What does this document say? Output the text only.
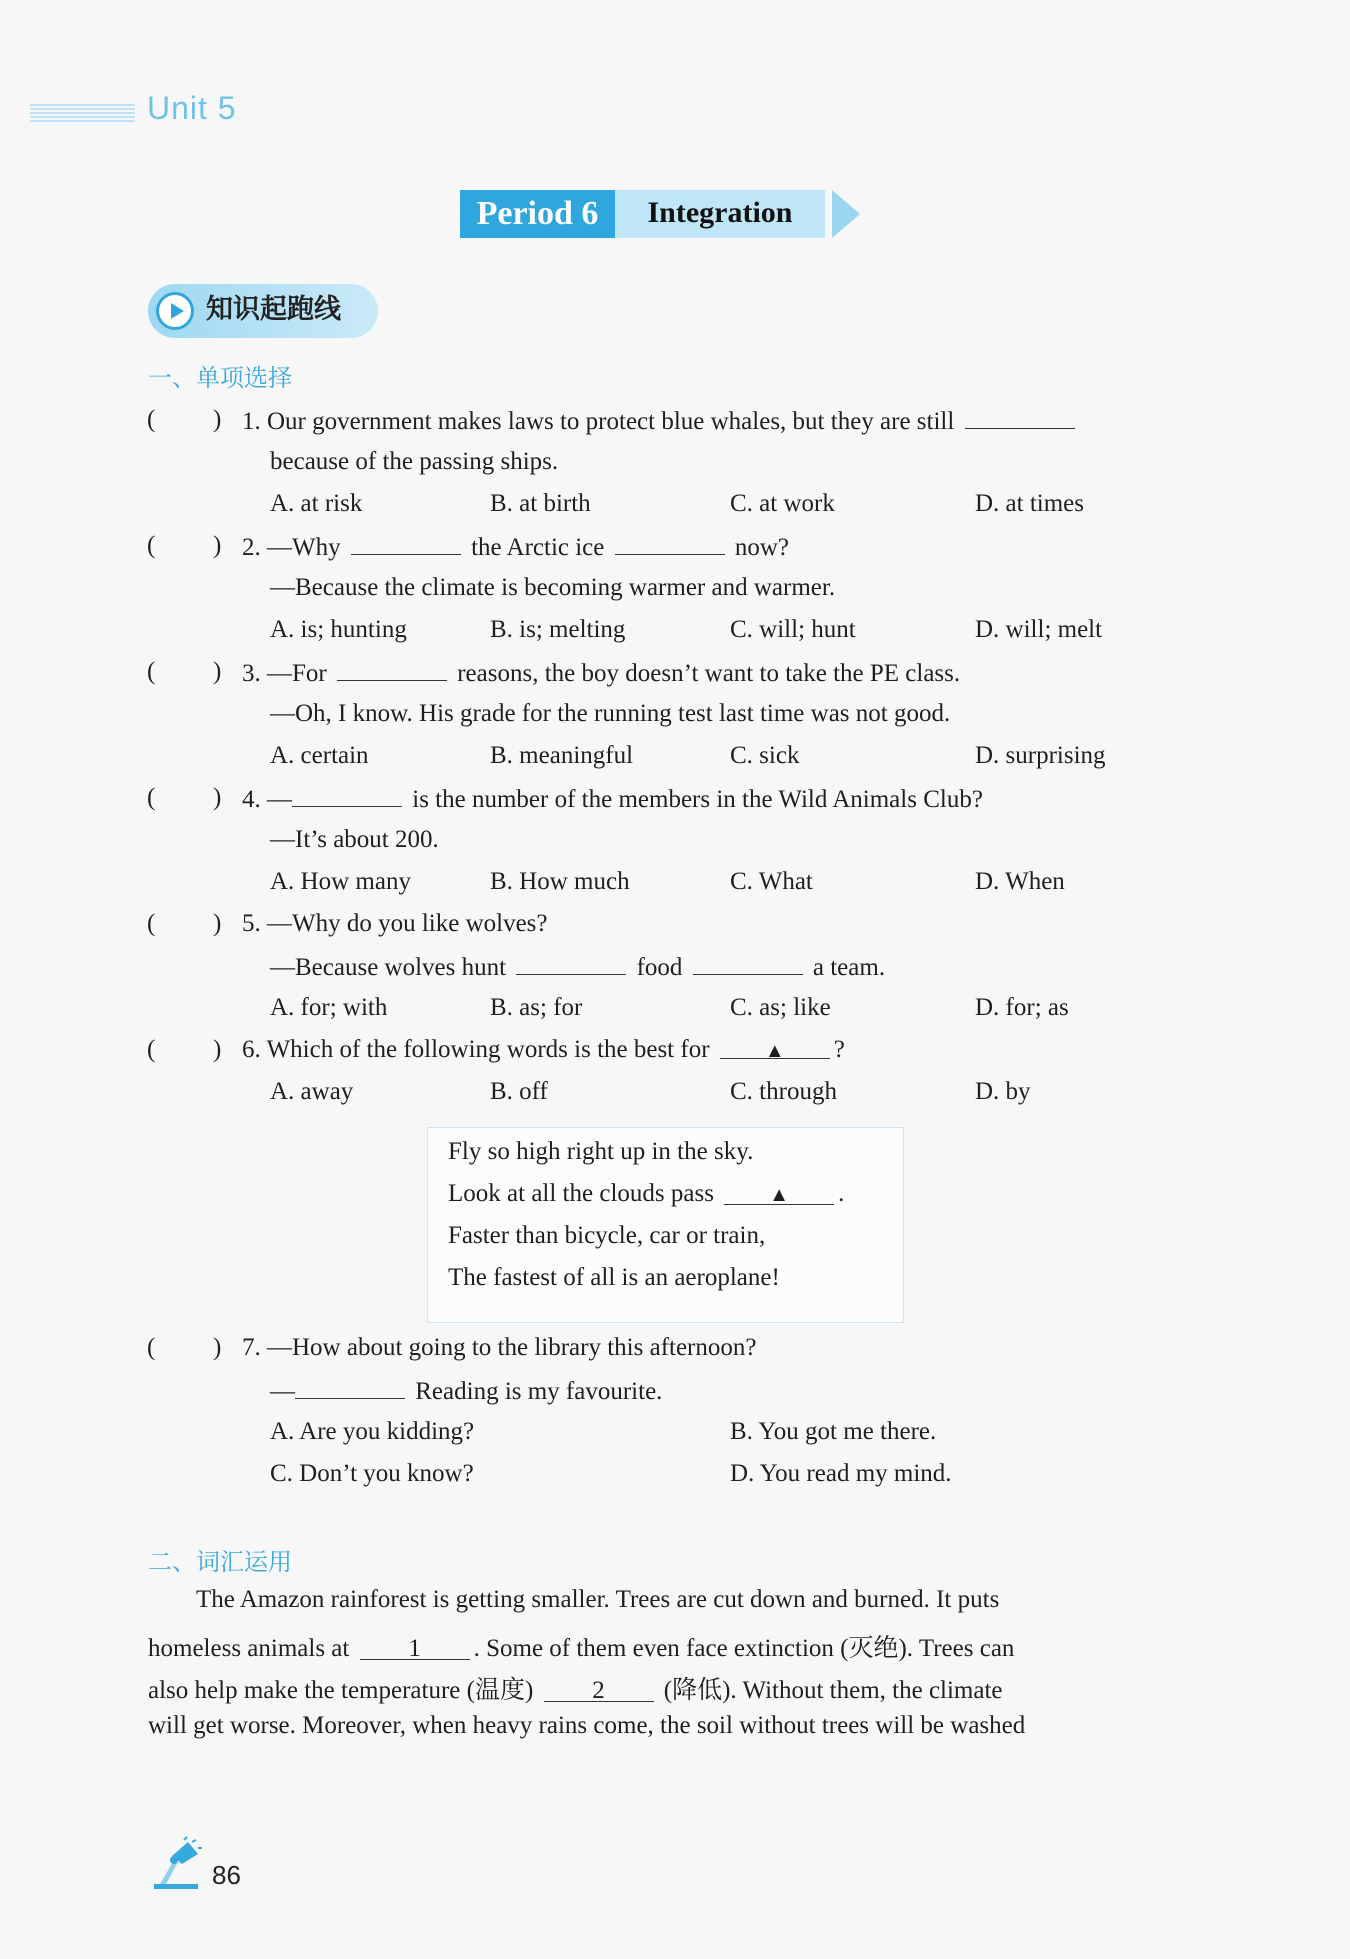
Unit 5
Period 6	Integration
知识起跑线
一、单项选择
( ) 1. Our government makes laws to protect blue whales, but they are still
because of the passing ships.
A. at risk	B. at birth	C. at work	D. at times
( ) 2. —Why	the Arctic ice	now?
—Because the climate is becoming warmer and warmer.
A. is; hunting	B. is; melting	C. will; hunt	D. will; melt
( ) 3. —For	reasons, the boy doesn’t want to take the PE class.
—Oh, I know. His grade for the running test last time was not good.
A. certain	B. meaningful	C. sick	D. surprising
( ) 4. —	is the number of the members in the Wild Animals Club?
—It’s about 200.
A. How many	B. How much	C. What	D. When
( ) 5. —Why do you like wolves?
—Because wolves hunt	food	a team.
A. for; with	B. as; for	C. as; like	D. for; as
( ) 6. Which of the following words is the best for	▲ ?
A. away	B. off	C. through	D. by
Fly so high right up in the sky.
Look at all the clouds pass	▲ .
Faster than bicycle, car or train,
The fastest of all is an aeroplane!
( ) 7. —How about going to the library this afternoon?
—	Reading is my favourite.
A. Are you kidding?	B. You got me there.
C. Don’t you know?	D. You read my mind.
二、词汇运用
The Amazon rainforest is getting smaller. Trees are cut down and burned. It puts
homeless animals at 1 . Some of them even face extinction (灭绝). Trees can
also help make the temperature (温度) 2 (降低). Without them, the climate
will get worse. Moreover, when heavy rains come, the soil without trees will be washed
86
